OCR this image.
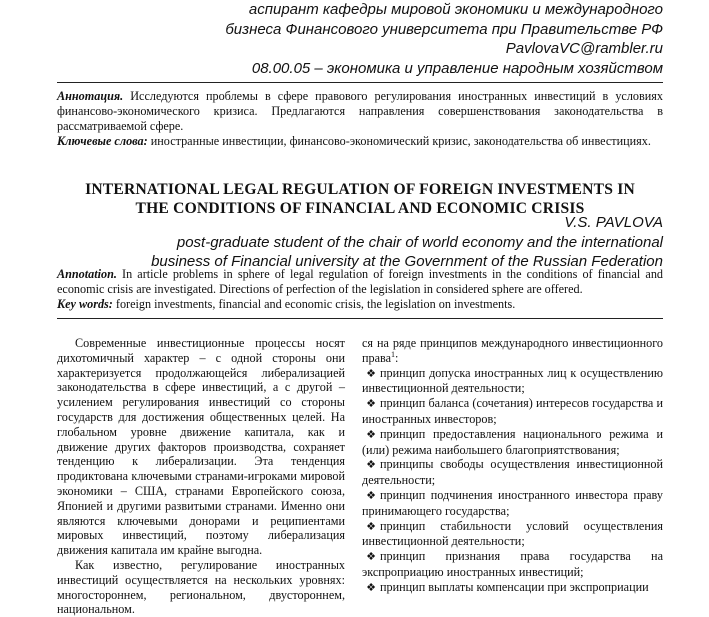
аспирант кафедры мировой экономики и международного
бизнеса Финансового университета при Правительстве РФ
PavlovaVC@rambler.ru
08.00.05 – экономика и управление народным хозяйством
Аннотация. Исследуются проблемы в сфере правового регулирования иностранных инвестиций в условиях финансово-экономического кризиса. Предлагаются направления совершенствования законодательства в рассматриваемой сфере.
Ключевые слова: иностранные инвестиции, финансово-экономический кризис, законодательства об инвестициях.
INTERNATIONAL LEGAL REGULATION OF FOREIGN INVESTMENTS IN
THE CONDITIONS OF FINANCIAL AND ECONOMIC CRISIS
V.S. PAVLOVA
post-graduate student of the chair of world economy and the international
business of Financial university at the Government of the Russian Federation
Annotation. In article problems in sphere of legal regulation of foreign investments in the conditions of financial and economic crisis are investigated. Directions of perfection of the legislation in considered sphere are offered.
Key words: foreign investments, financial and economic crisis, the legislation on investments.

Современные инвестиционные процессы носят дихотомичный характер – с одной стороны они характеризуется продолжающейся либерализацией законодательства в сфере инвестиций, а с другой – усилением регулирования инвестиций со стороны государств для достижения общественных целей. На глобальном уровне движение капитала, как и движение других факторов производства, сохраняет тенденцию к либерализации. Эта тенденция продиктована ключевыми странами-игроками мировой экономики – США, странами Европейского союза, Японией и другими развитыми странами. Именно они являются ключевыми донорами и реципиентами мировых инвестиций, поэтому либерализация движения капитала им крайне выгодна.

Как известно, регулирование иностранных инвестиций осуществляется на нескольких уровнях: многостороннем, региональном, двустороннем, национальном.

ся на ряде принципов международного инвестиционного права$^1$:

❖ принцип допуска иностранных лиц к осуществлению инвестиционной деятельности;

❖ принцип баланса (сочетания) интересов государства и иностранных инвесторов;

❖ принцип предоставления национального режима и (или) режима наибольшего благоприятствования;

❖ принципы свободы осуществления инвестиционной деятельности;

❖ принцип подчинения иностранного инвестора праву принимающего государства;

❖ принцип стабильности условий осуществления инвестиционной деятельности;

❖ принцип признания права государства на экспроприацию иностранных инвестиций;

❖ принцип выплаты компенсации при экспроприации
